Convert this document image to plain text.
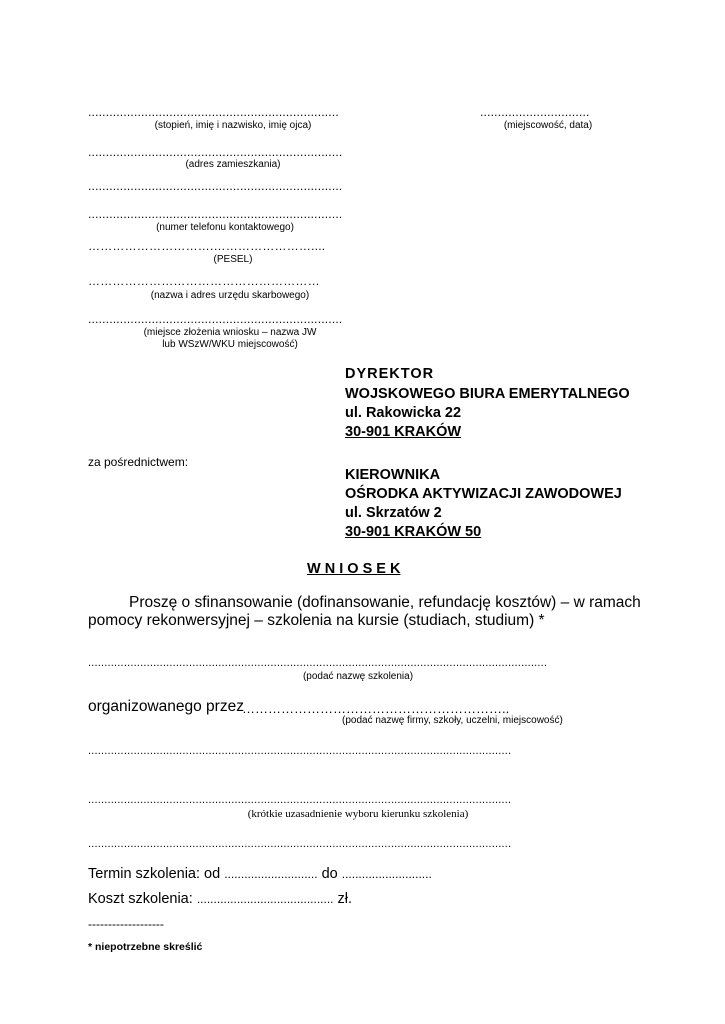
.......................................................................
(stopień, imię i nazwisko, imię ojca)
...............................
(miejscowość, data)
........................................................................
(adres zamieszkania)
........................................................................
........................................................................
(numer telefonu kontaktowego)
………………………….……………………....
(PESEL)
…………………………………………………
(nazwa i adres urzędu skarbowego)
........................................................................
(miejsce złożenia wniosku – nazwa JW
lub WSzW/WKU miejscowość)
DYREKTOR
WOJSKOWEGO BIURA EMERYTALNEGO
ul. Rakowicka 22
30-901 KRAKÓW
za pośrednictwem:
KIEROWNIKA
OŚRODKA AKTYWIZACJI ZAWODOWEJ
ul. Skrzatów 2
30-901 KRAKÓW 50
W N I O S E K
Proszę o sfinansowanie (dofinansowanie, refundację kosztów) – w ramach
pomocy rekonwersyjnej – szkolenia na kursie (studiach, studium) *
.............................................................................................................................................
(podać nazwę szkolenia)
organizowanego przez
……………………………………………………..
(podać nazwę firmy, szkoły, uczelni, miejscowość)
..................................................................................................................................
..................................................................................................................................
(krótkie uzasadnienie wyboru kierunku szkolenia)
..................................................................................................................................
Termin szkolenia: od ............................ do ...........................
Koszt szkolenia: ......................................... zł.
-------------------
* niepotrzebne skreślić
